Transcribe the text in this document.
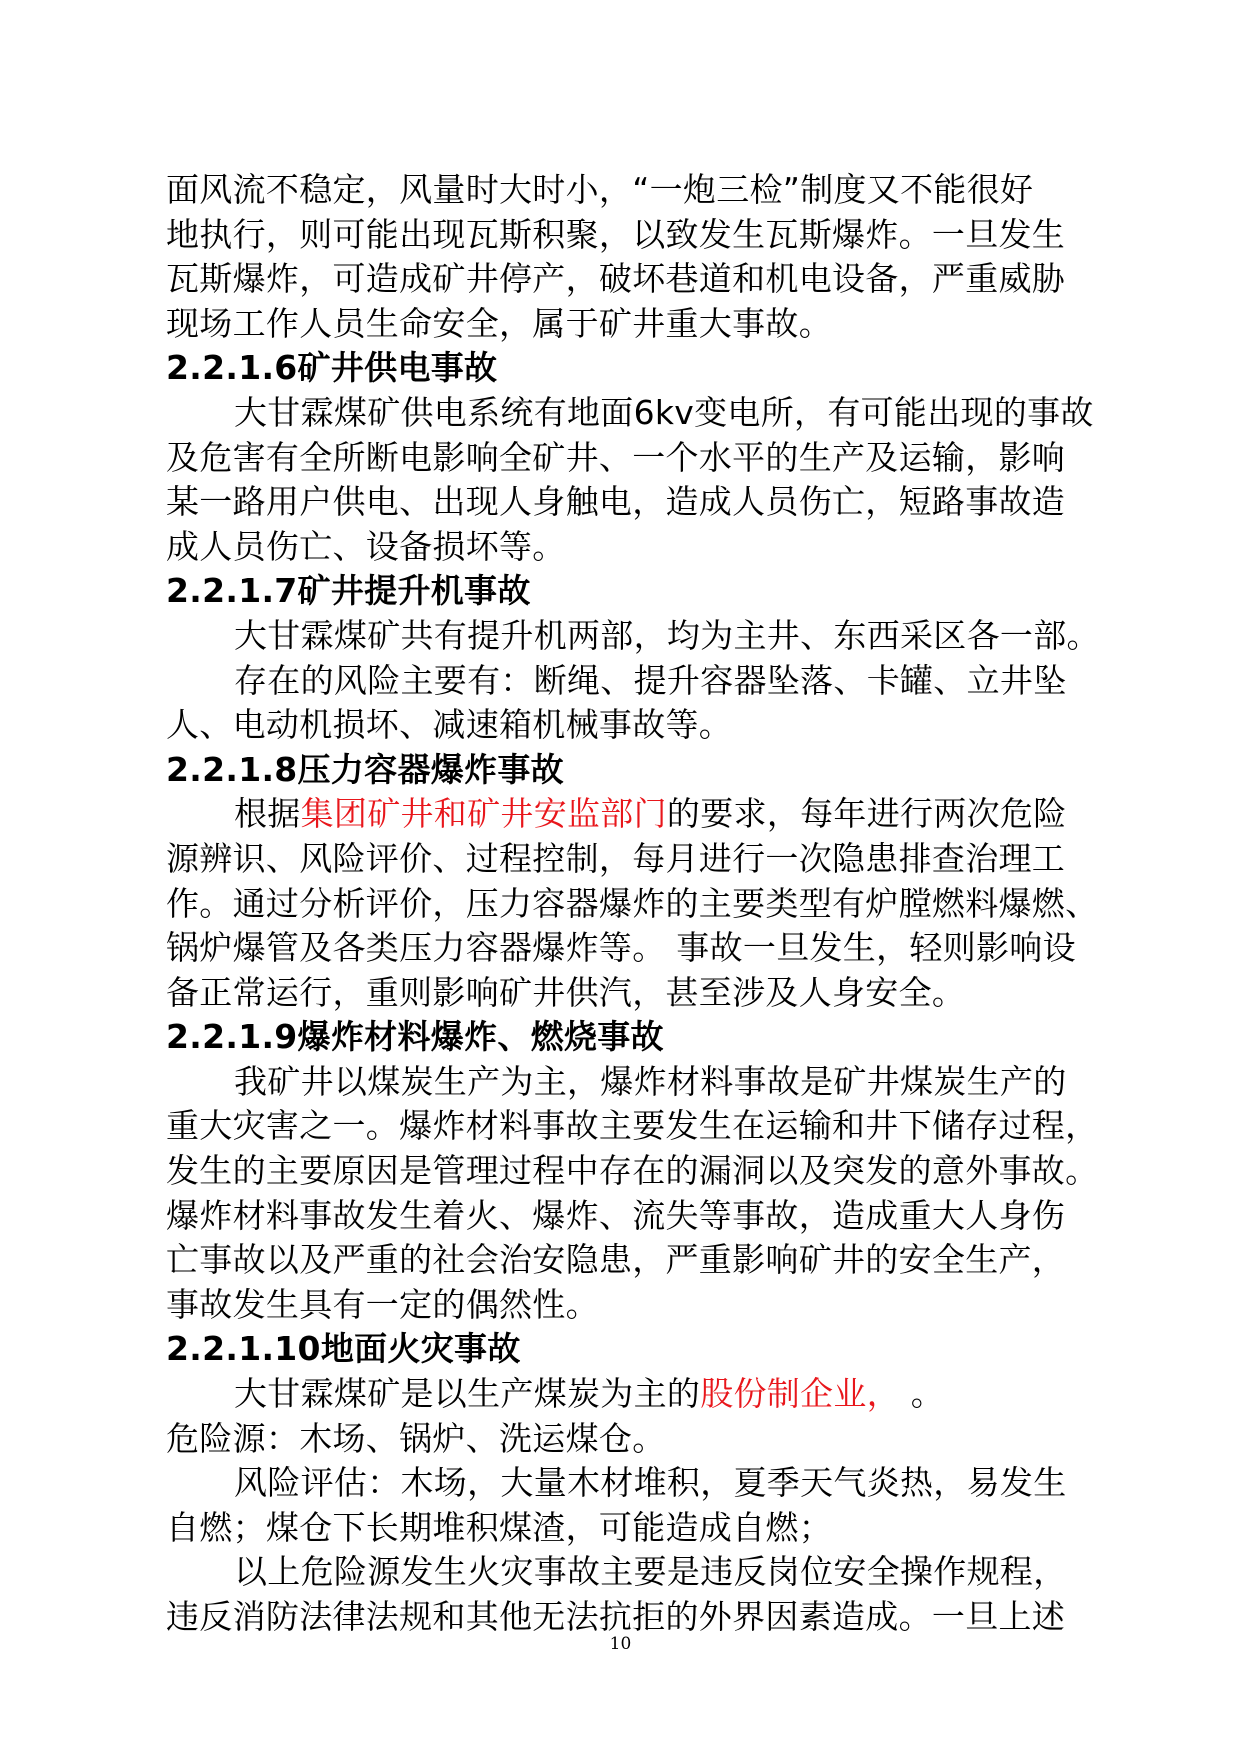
面风流不稳定，风量时大时小，“一炮三检”制度又不能很好
地执行，则可能出现瓦斯积聚，以致发生瓦斯爆炸。一旦发生
瓦斯爆炸，可造成矿井停产，破坏巷道和机电设备，严重威胁
现场工作人员生命安全，属于矿井重大事故。
2.2.1.6矿井供电事故
大甘霖煤矿供电系统有地面6kv变电所，有可能出现的事故
及危害有全所断电影响全矿井、一个水平的生产及运输，影响
某一路用户供电、出现人身触电，造成人员伤亡，短路事故造
成人员伤亡、设备损坏等。
2.2.1.7矿井提升机事故
大甘霖煤矿共有提升机两部，均为主井、东西采区各一部。
存在的风险主要有：断绳、提升容器坠落、卡罐、立井坠
人、电动机损坏、减速箱机械事故等。
2.2.1.8压力容器爆炸事故
根据集团矿井和矿井安监部门的要求，每年进行两次危险
源辨识、风险评价、过程控制，每月进行一次隐患排查治理工
作。通过分析评价，压力容器爆炸的主要类型有炉膛燃料爆燃、
锅炉爆管及各类压力容器爆炸等。 事故一旦发生，轻则影响设
备正常运行，重则影响矿井供汽，甚至涉及人身安全。
2.2.1.9爆炸材料爆炸、燃烧事故
我矿井以煤炭生产为主，爆炸材料事故是矿井煤炭生产的
重大灾害之一。爆炸材料事故主要发生在运输和井下储存过程，
发生的主要原因是管理过程中存在的漏洞以及突发的意外事故。
爆炸材料事故发生着火、爆炸、流失等事故，造成重大人身伤
亡事故以及严重的社会治安隐患，严重影响矿井的安全生产，
事故发生具有一定的偶然性。
2.2.1.10地面火灾事故
大甘霖煤矿是以生产煤炭为主的股份制企业， 。
危险源：木场、锅炉、洗运煤仓。
风险评估：木场，大量木材堆积，夏季天气炎热，易发生
自燃；煤仓下长期堆积煤渣，可能造成自燃；
以上危险源发生火灾事故主要是违反岗位安全操作规程，
违反消防法律法规和其他无法抗拒的外界因素造成。一旦上述
10
